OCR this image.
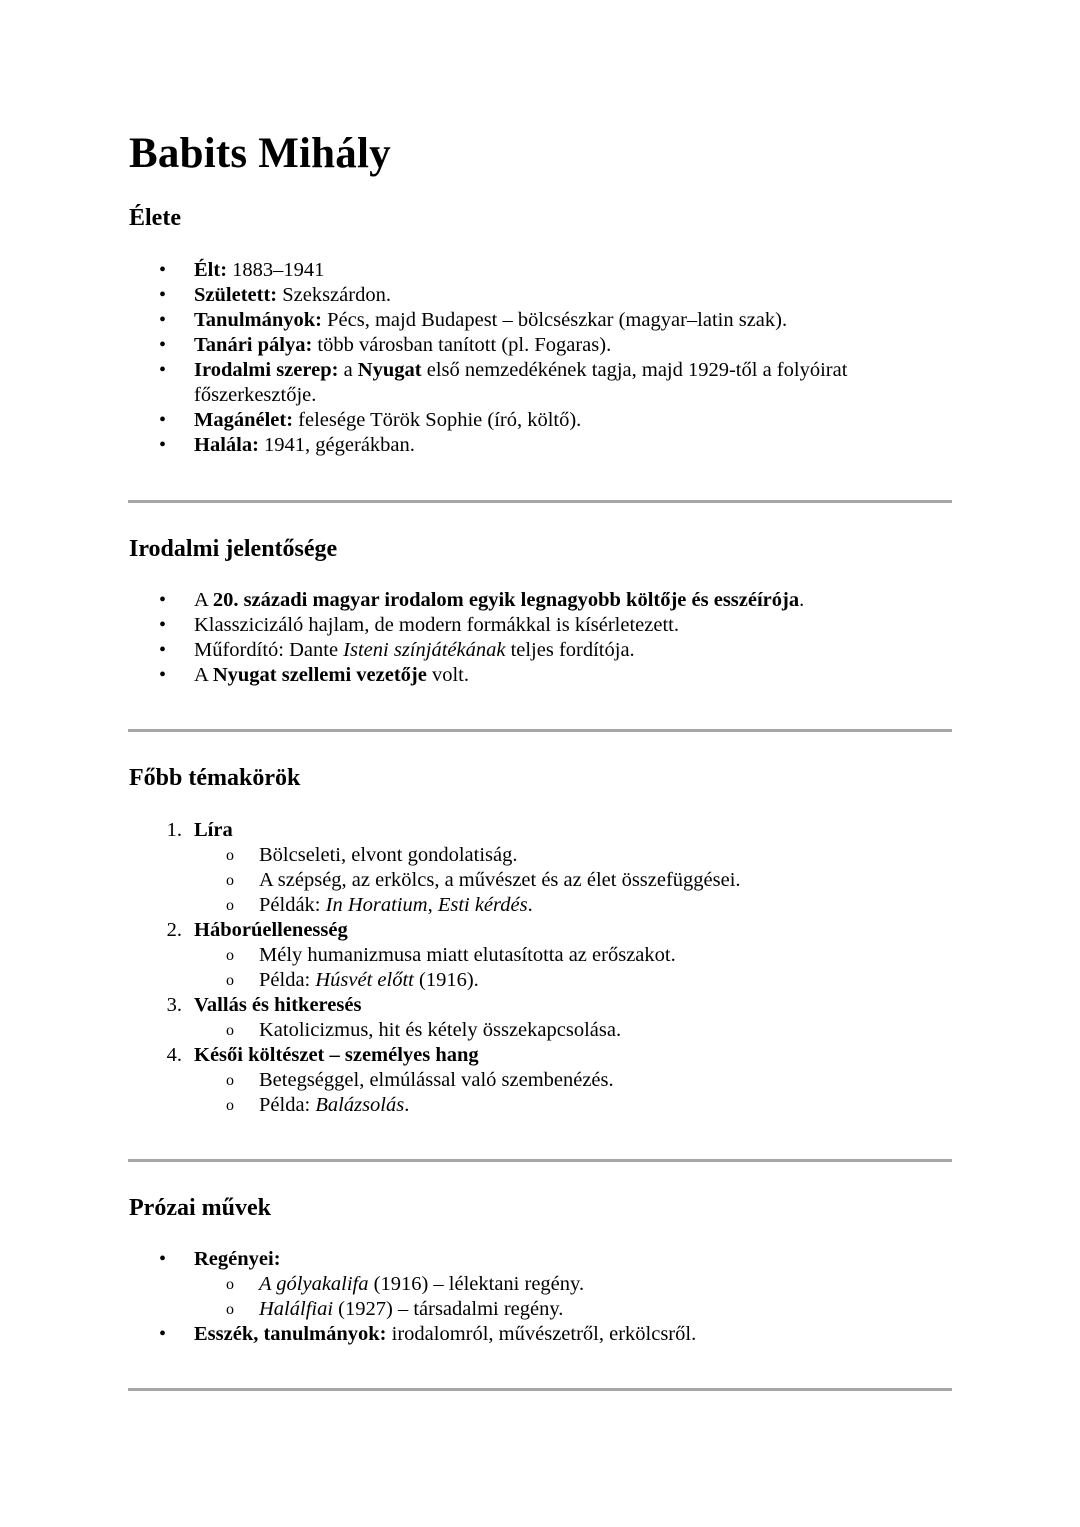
Babits Mihály
Élete
• Élt: 1883–1941
• Született: Szekszárdon.
• Tanulmányok: Pécs, majd Budapest – bölcsészkar (magyar–latin szak).
• Tanári pálya: több városban tanított (pl. Fogaras).
• Irodalmi szerep: a Nyugat első nemzedékének tagja, majd 1929-től a folyóirat
főszerkesztője.
• Magánélet: felesége Török Sophie (író, költő).
• Halála: 1941, gégerákban.
Irodalmi jelentősége
• A 20. századi magyar irodalom egyik legnagyobb költője és esszéírója.
• Klasszicizáló hajlam, de modern formákkal is kísérletezett.
• Műfordító: Dante Isteni színjátékának teljes fordítója.
• A Nyugat szellemi vezetője volt.
Főbb témakörök
1. Líra
o Bölcseleti, elvont gondolatiság.
o A szépség, az erkölcs, a művészet és az élet összefüggései.
o Példák: In Horatium, Esti kérdés.
2. Háborúellenesség
o Mély humanizmusa miatt elutasította az erőszakot.
o Példa: Húsvét előtt (1916).
3. Vallás és hitkeresés
o Katolicizmus, hit és kétely összekapcsolása.
4. Késői költészet – személyes hang
o Betegséggel, elmúlással való szembenézés.
o Példa: Balázsolás.
Prózai művek
• Regényei:
o A gólyakalifa (1916) – lélektani regény.
o Halálfiai (1927) – társadalmi regény.
• Esszék, tanulmányok: irodalomról, művészetről, erkölcsről.
